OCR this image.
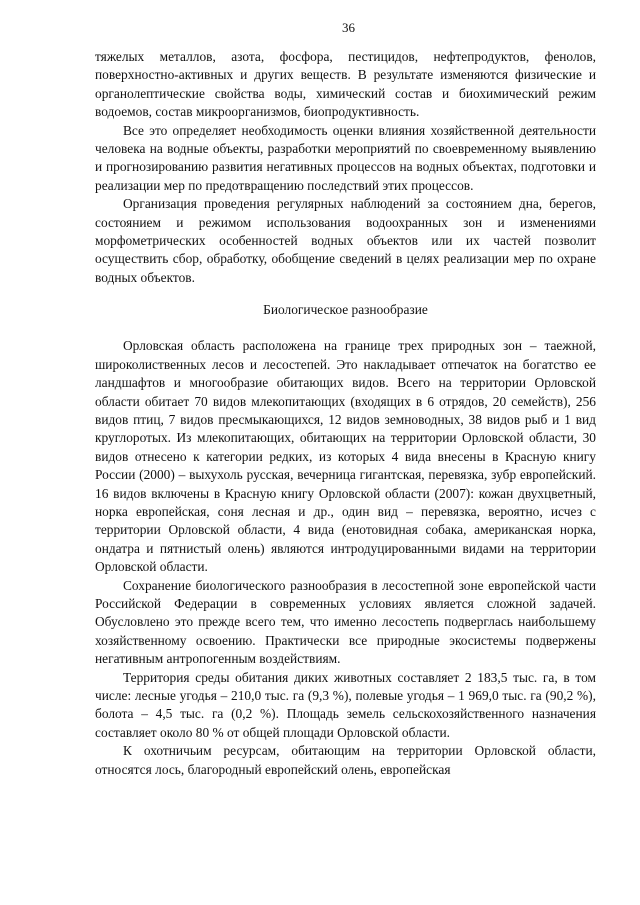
36

тяжелых металлов, азота, фосфора, пестицидов, нефтепродуктов, фенолов, поверхностно-активных и других веществ. В результате изменяются физические и органолептические свойства воды, химический состав и биохимический режим водоемов, состав микроорганизмов, биопродуктивность.

Все это определяет необходимость оценки влияния хозяйственной деятельности человека на водные объекты, разработки мероприятий по своевременному выявлению и прогнозированию развития негативных процессов на водных объектах, подготовки и реализации мер по предотвращению последствий этих процессов.

Организация проведения регулярных наблюдений за состоянием дна, берегов, состоянием и режимом использования водоохранных зон и изменениями морфометрических особенностей водных объектов или их частей позволит осуществить сбор, обработку, обобщение сведений в целях реализации мер по охране водных объектов.

Биологическое разнообразие

Орловская область расположена на границе трех природных зон – таежной, широколиственных лесов и лесостепей. Это накладывает отпечаток на богатство ее ландшафтов и многообразие обитающих видов. Всего на территории Орловской области обитает 70 видов млекопитающих (входящих в 6 отрядов, 20 семейств), 256 видов птиц, 7 видов пресмыкающихся, 12 видов земноводных, 38 видов рыб и 1 вид круглоротых. Из млекопитающих, обитающих на территории Орловской области, 30 видов отнесено к категории редких, из которых 4 вида внесены в Красную книгу России (2000) – выхухоль русская, вечерница гигантская, перевязка, зубр европейский. 16 видов включены в Красную книгу Орловской области (2007): кожан двухцветный, норка европейская, соня лесная и др., один вид – перевязка, вероятно, исчез с территории Орловской области, 4 вида (енотовидная собака, американская норка, ондатра и пятнистый олень) являются интродуцированными видами на территории Орловской области.

Сохранение биологического разнообразия в лесостепной зоне европейской части Российской Федерации в современных условиях является сложной задачей. Обусловлено это прежде всего тем, что именно лесостепь подверглась наибольшему хозяйственному освоению. Практически все природные экосистемы подвержены негативным антропогенным воздействиям.

Территория среды обитания диких животных составляет 2 183,5 тыс. га, в том числе: лесные угодья – 210,0 тыс. га (9,3 %), полевые угодья – 1 969,0 тыс. га (90,2 %), болота – 4,5 тыс. га (0,2 %). Площадь земель сельскохозяйственного назначения составляет около 80 % от общей площади Орловской области.

К охотничьим ресурсам, обитающим на территории Орловской области, относятся лось, благородный европейский олень, европейская
